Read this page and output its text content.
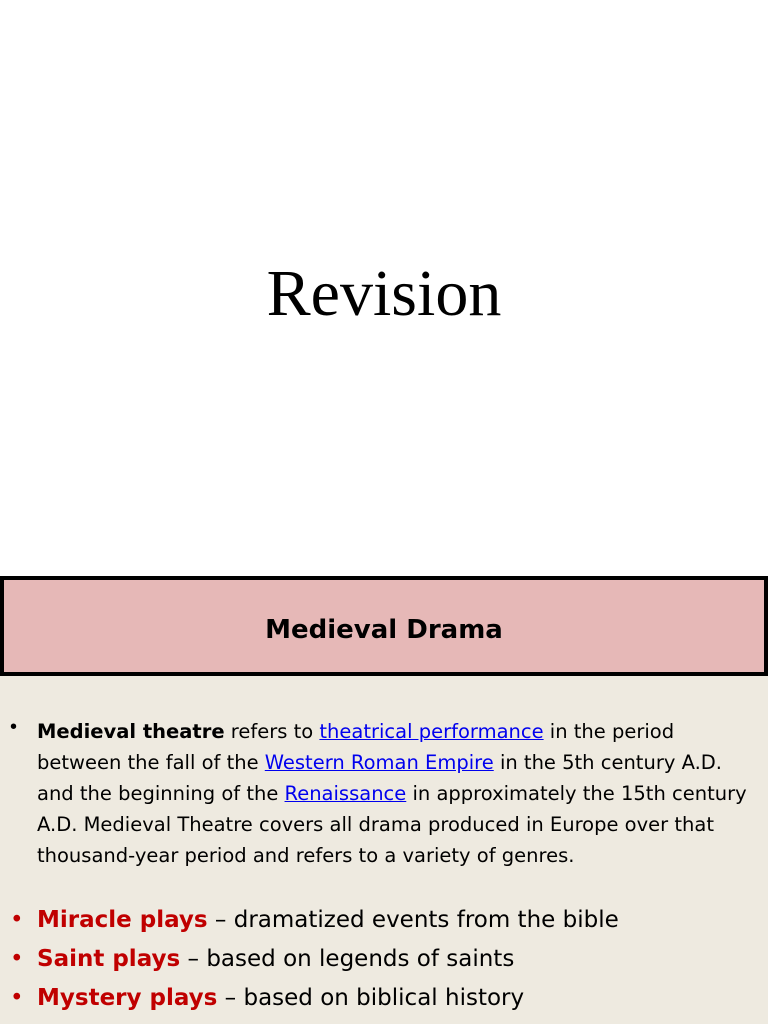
Revision
Medieval Drama
• Medieval theatre refers to theatrical performance in the period between the fall of the Western Roman Empire in the 5th century A.D. and the beginning of the Renaissance in approximately the 15th century A.D. Medieval Theatre covers all drama produced in Europe over that thousand-year period and refers to a variety of genres.
• Miracle plays – dramatized events from the bible
• Saint plays – based on legends of saints
• Mystery plays – based on biblical history
